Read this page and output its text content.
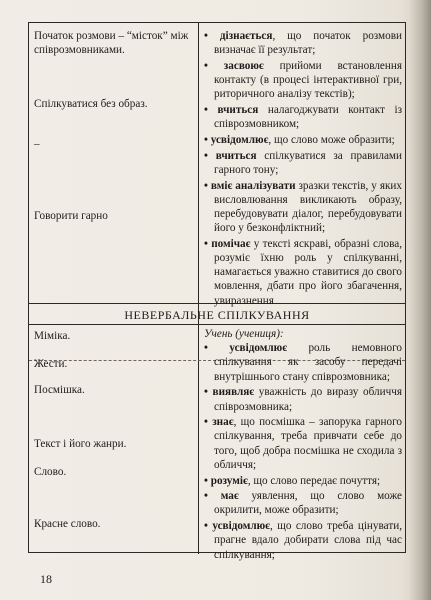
Початок розмови – “місток” між співрозмовниками.
Спілкуватися без образ.
–
Говорити гарно
• дізнається, що початок розмови визначає її результат;
• засвоює прийоми встановлення контакту (в процесі інтерактивної гри, риторичного аналізу текстів);
• вчиться налагоджувати контакт із співрозмовником;
• усвідомлює, що слово може образити;
• вчиться спілкуватися за правилами гарного тону;
• вміє аналізувати зразки текстів, у яких висловлювання викликають образу, перебудовувати діалог, перебудовувати його у безконфліктний;
• помічає у тексті яскраві, образні слова, розуміє їхню роль у спілкуванні, намагається уважно ставитися до свого мовлення, дбати про його збагачення, увиразнення
НЕВЕРБАЛЬНЕ СПІЛКУВАННЯ
Міміка.
Жести.
Посмішка.
Текст і його жанри.
Слово.
Красне слово.
Учень (учениця):
• усвідомлює роль немовного спілкування як засобу передачі внутрішнього стану співрозмовника;
• виявляє уважність до виразу обличчя співрозмовника;
• знає, що посмішка – запорука гарного спілкування, треба привчати себе до того, щоб добра посмішка не сходила з обличчя;
• розуміє, що слово передає почуття;
• має уявлення, що слово може окрилити, може образити;
• усвідомлює, що слово треба цінувати, прагне вдало добирати слова під час спілкування;
18
